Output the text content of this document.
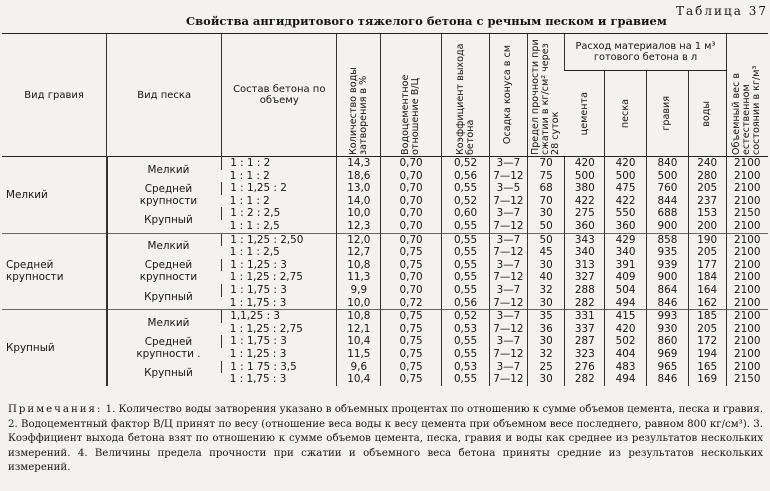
Таблица 37
Свойства ангидритового тяжелого бетона с речным песком и гравием
Вид гравия	Вид песка	Состав бетона по объему	Количество воды затворения в %	Водоцементное отношение В/Ц	Коэффициент выхода бетона	Осадка конуса в см	Предел прочности при сжатии в кг/см² через 28 суток	Расход материалов на 1 м³ готового бетона в л				Объемный вес в естественном состоянии в кг/м³

								цемента	песка	гравия	воды	

Мелкий	Мелкий	1 : 1 : 2	14,3	0,70	0,52	3—7	70	420	420	840	240	2100
		1 : 1 : 2	18,6	0,70	0,56	7—12	75	500	500	500	280	2100
	Средней крупности	1 : 1,25 : 2	13,0	0,70	0,55	3—5	68	380	475	760	205	2100
		1 : 1 : 2	14,0	0,70	0,52	7—12	70	422	422	844	237	2100
	Крупный	1 : 2 : 2,5	10,0	0,70	0,60	3—7	30	275	550	688	153	2150
		1 : 1 : 2,5	12,3	0,70	0,55	7—12	50	360	360	900	200	2100
Средней крупности	Мелкий	1 : 1,25 : 2,50	12,0	0,70	0,55	3—7	50	343	429	858	190	2100
		1 : 1 : 2,5	12,7	0,75	0,55	7—12	45	340	340	935	205	2100
	Средней крупности	1 : 1,25 : 3	10,8	0,75	0,55	3—7	30	313	391	939	177	2100
		1 : 1,25 : 2,75	11,3	0,70	0,55	7—12	40	327	409	900	184	2100
	Крупный	1 : 1,75 : 3	9,9	0,70	0,55	3—7	32	288	504	864	164	2100
		1 : 1,75 : 3	10,0	0,72	0,56	7—12	30	282	494	846	162	2100
Крупный	Мелкий	1,1,25 : 3	10,8	0,75	0,52	3—7	35	331	415	993	185	2100
		1 : 1,25 : 2,75	12,1	0,75	0,53	7—12	36	337	420	930	205	2100
	Средней крупности .	1 : 1,75 : 3	10,4	0,75	0,55	3—7	30	287	502	860	172	2100
		1 : 1,25 : 3	11,5	0,75	0,55	7—12	32	323	404	969	194	2100
	Крупный	1 : 1 75 : 3,5	9,6	0,75	0,53	3—7	25	276	483	965	165	2100
		1 : 1,75 : 3	10,4	0,75	0,55	7—12	30	282	494	846	169	2150
Примечания: 1. Количество воды затворения указано в объемных процентах по отношению к сумме объемов цемента, песка и гравия. 2. Водоцементный фактор В/Ц принят по весу (отношение веса воды к весу цемента при объемном весе последнего, равном 800 кг/см³). 3. Коэффициент выхода бетона взят по отношению к сумме объемов цемента, песка, гравия и воды как среднее из результатов нескольких измерений. 4. Величины предела прочности при сжатии и объемного веса бетона приняты средние из результатов нескольких измерений.
